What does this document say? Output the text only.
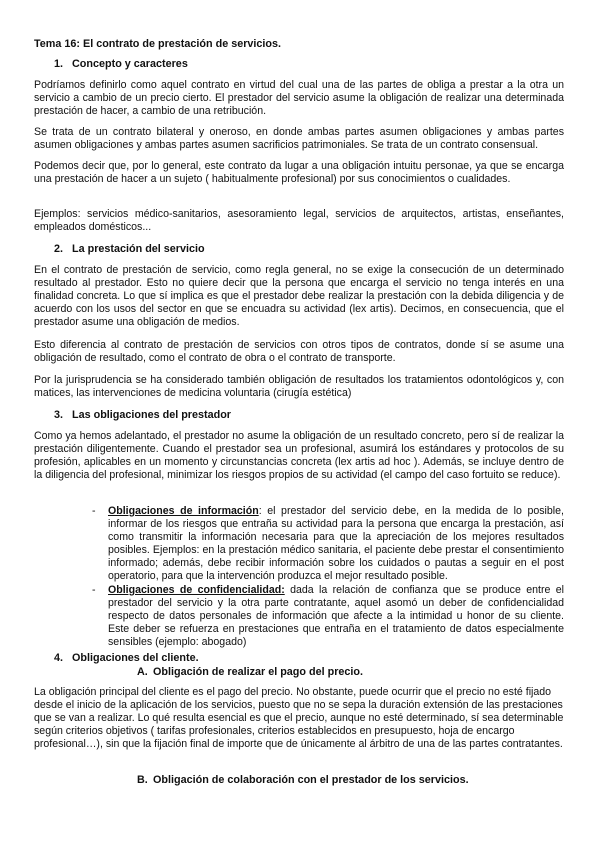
Tema 16: El contrato de prestación de servicios.

1. Concepto y caracteres

Podríamos definirlo como aquel contrato en virtud del cual una de las partes de obliga a prestar a la otra un servicio a cambio de un precio cierto. El prestador del servicio asume la obligación de realizar una determinada prestación de hacer, a cambio de una retribución.

Se trata de un contrato bilateral y oneroso, en donde ambas partes asumen obligaciones y ambas partes asumen obligaciones y ambas partes asumen sacrificios patrimoniales. Se trata de un contrato consensual.

Podemos decir que, por lo general, este contrato da lugar a una obligación intuitu personae, ya que se encarga una prestación de hacer a un sujeto ( habitualmente profesional) por sus conocimientos o cualidades.

Ejemplos: servicios médico-sanitarios, asesoramiento legal, servicios de arquitectos, artistas, enseñantes, empleados domésticos...

2. La prestación del servicio

En el contrato de prestación de servicio, como regla general, no se exige la consecución de un determinado resultado al prestador. Esto no quiere decir que la persona que encarga el servicio no tenga interés en una finalidad concreta. Lo que sí implica es que el prestador debe realizar la prestación con la debida diligencia y de acuerdo con los usos del sector en que se encuadra su actividad (lex artis). Decimos, en consecuencia, que el prestador asume una obligación de medios.

Esto diferencia al contrato de prestación de servicios con otros tipos de contratos, donde sí se asume una obligación de resultado, como el contrato de obra o el contrato de transporte.

Por la jurisprudencia se ha considerado también obligación de resultados los tratamientos odontológicos y, con matices, las intervenciones de medicina voluntaria (cirugía estética)

3. Las obligaciones del prestador

Como ya hemos adelantado, el prestador no asume la obligación de un resultado concreto, pero sí de realizar la prestación diligentemente. Cuando el prestador sea un profesional, asumirá los estándares y protocolos de su profesión, aplicables en un momento y circunstancias concreta (lex artis ad hoc ). Además, se incluye dentro de la diligencia del profesional, minimizar los riesgos propios de su actividad (el campo del caso fortuito se reduce).

- Obligaciones de información: el prestador del servicio debe, en la medida de lo posible, informar de los riesgos que entraña su actividad para la persona que encarga la prestación, así como transmitir la información necesaria para que la apreciación de los mejores resultados posibles. Ejemplos: en la prestación médico sanitaria, el paciente debe prestar el consentimiento informado; además, debe recibir información sobre los cuidados o pautas a seguir en el post operatorio, para que la intervención produzca el mejor resultado posible.

- Obligaciones de confidencialidad: dada la relación de confianza que se produce entre el prestador del servicio y la otra parte contratante, aquel asomó un deber de confidencialidad respecto de datos personales de información que afecte a la intimidad u honor de su cliente. Este deber se refuerza en prestaciones que entraña en el tratamiento de datos especialmente sensibles (ejemplo: abogado)

4. Obligaciones del cliente.

A. Obligación de realizar el pago del precio.

La obligación principal del cliente es el pago del precio. No obstante, puede ocurrir que el precio no esté fijado desde el inicio de la aplicación de los servicios, puesto que no se sepa la duración extensión de las prestaciones que se van a realizar. Lo qué resulta esencial es que el precio, aunque no esté determinado, sí sea determinable según criterios objetivos ( tarifas profesionales, criterios establecidos en presupuesto, hoja de encargo profesional…), sin que la fijación final de importe que de únicamente al árbitro de una de las partes contratantes.

B. Obligación de colaboración con el prestador de los servicios.
